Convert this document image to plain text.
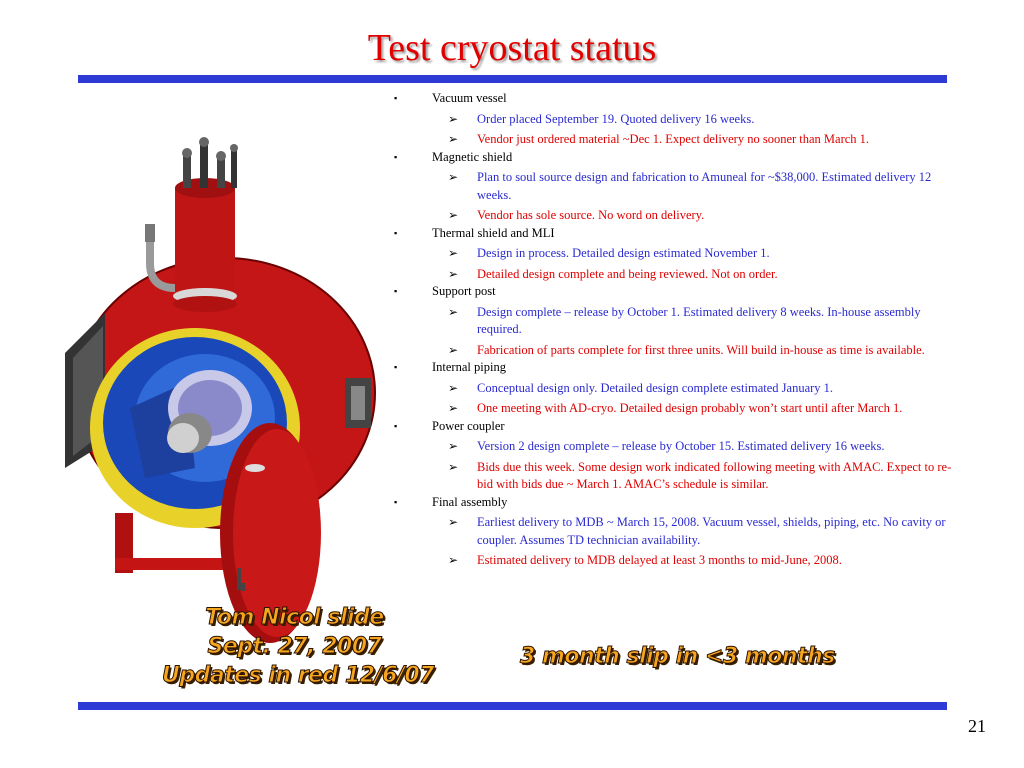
Test cryostat status
▪	Vacuum vessel
➢ Order placed September 19. Quoted delivery 16 weeks.
➢ Vendor just ordered material ~Dec 1. Expect delivery no sooner than March 1.
▪	Magnetic shield
➢ Plan to soul source design and fabrication to Amuneal for ~$38,000. Estimated delivery 12 weeks.
➢ Vendor has sole source. No word on delivery.
▪	Thermal shield and MLI
➢ Design in process. Detailed design estimated November 1.
➢ Detailed design complete and being reviewed. Not on order.
▪	Support post
➢ Design complete – release by October 1. Estimated delivery 8 weeks. In-house assembly required.
➢ Fabrication of parts complete for first three units. Will build in-house as time is available.
▪	Internal piping
➢ Conceptual design only. Detailed design complete estimated January 1.
➢ One meeting with AD-cryo. Detailed design probably won’t start until after March 1.
▪	Power coupler
➢ Version 2 design complete – release by October 15. Estimated delivery 16 weeks.
➢ Bids due this week. Some design work indicated following meeting with AMAC. Expect to re-bid with bids due ~ March 1. AMAC’s schedule is similar.
▪	Final assembly
➢ Earliest delivery to MDB ~ March 15, 2008. Vacuum vessel, shields, piping, etc. No cavity or coupler. Assumes TD technician availability.
➢ Estimated delivery to MDB delayed at least 3 months to mid-June, 2008.
Tom Nicol slide
Sept. 27, 2007
Updates in red 12/6/07
3 month slip in <3 months
21
